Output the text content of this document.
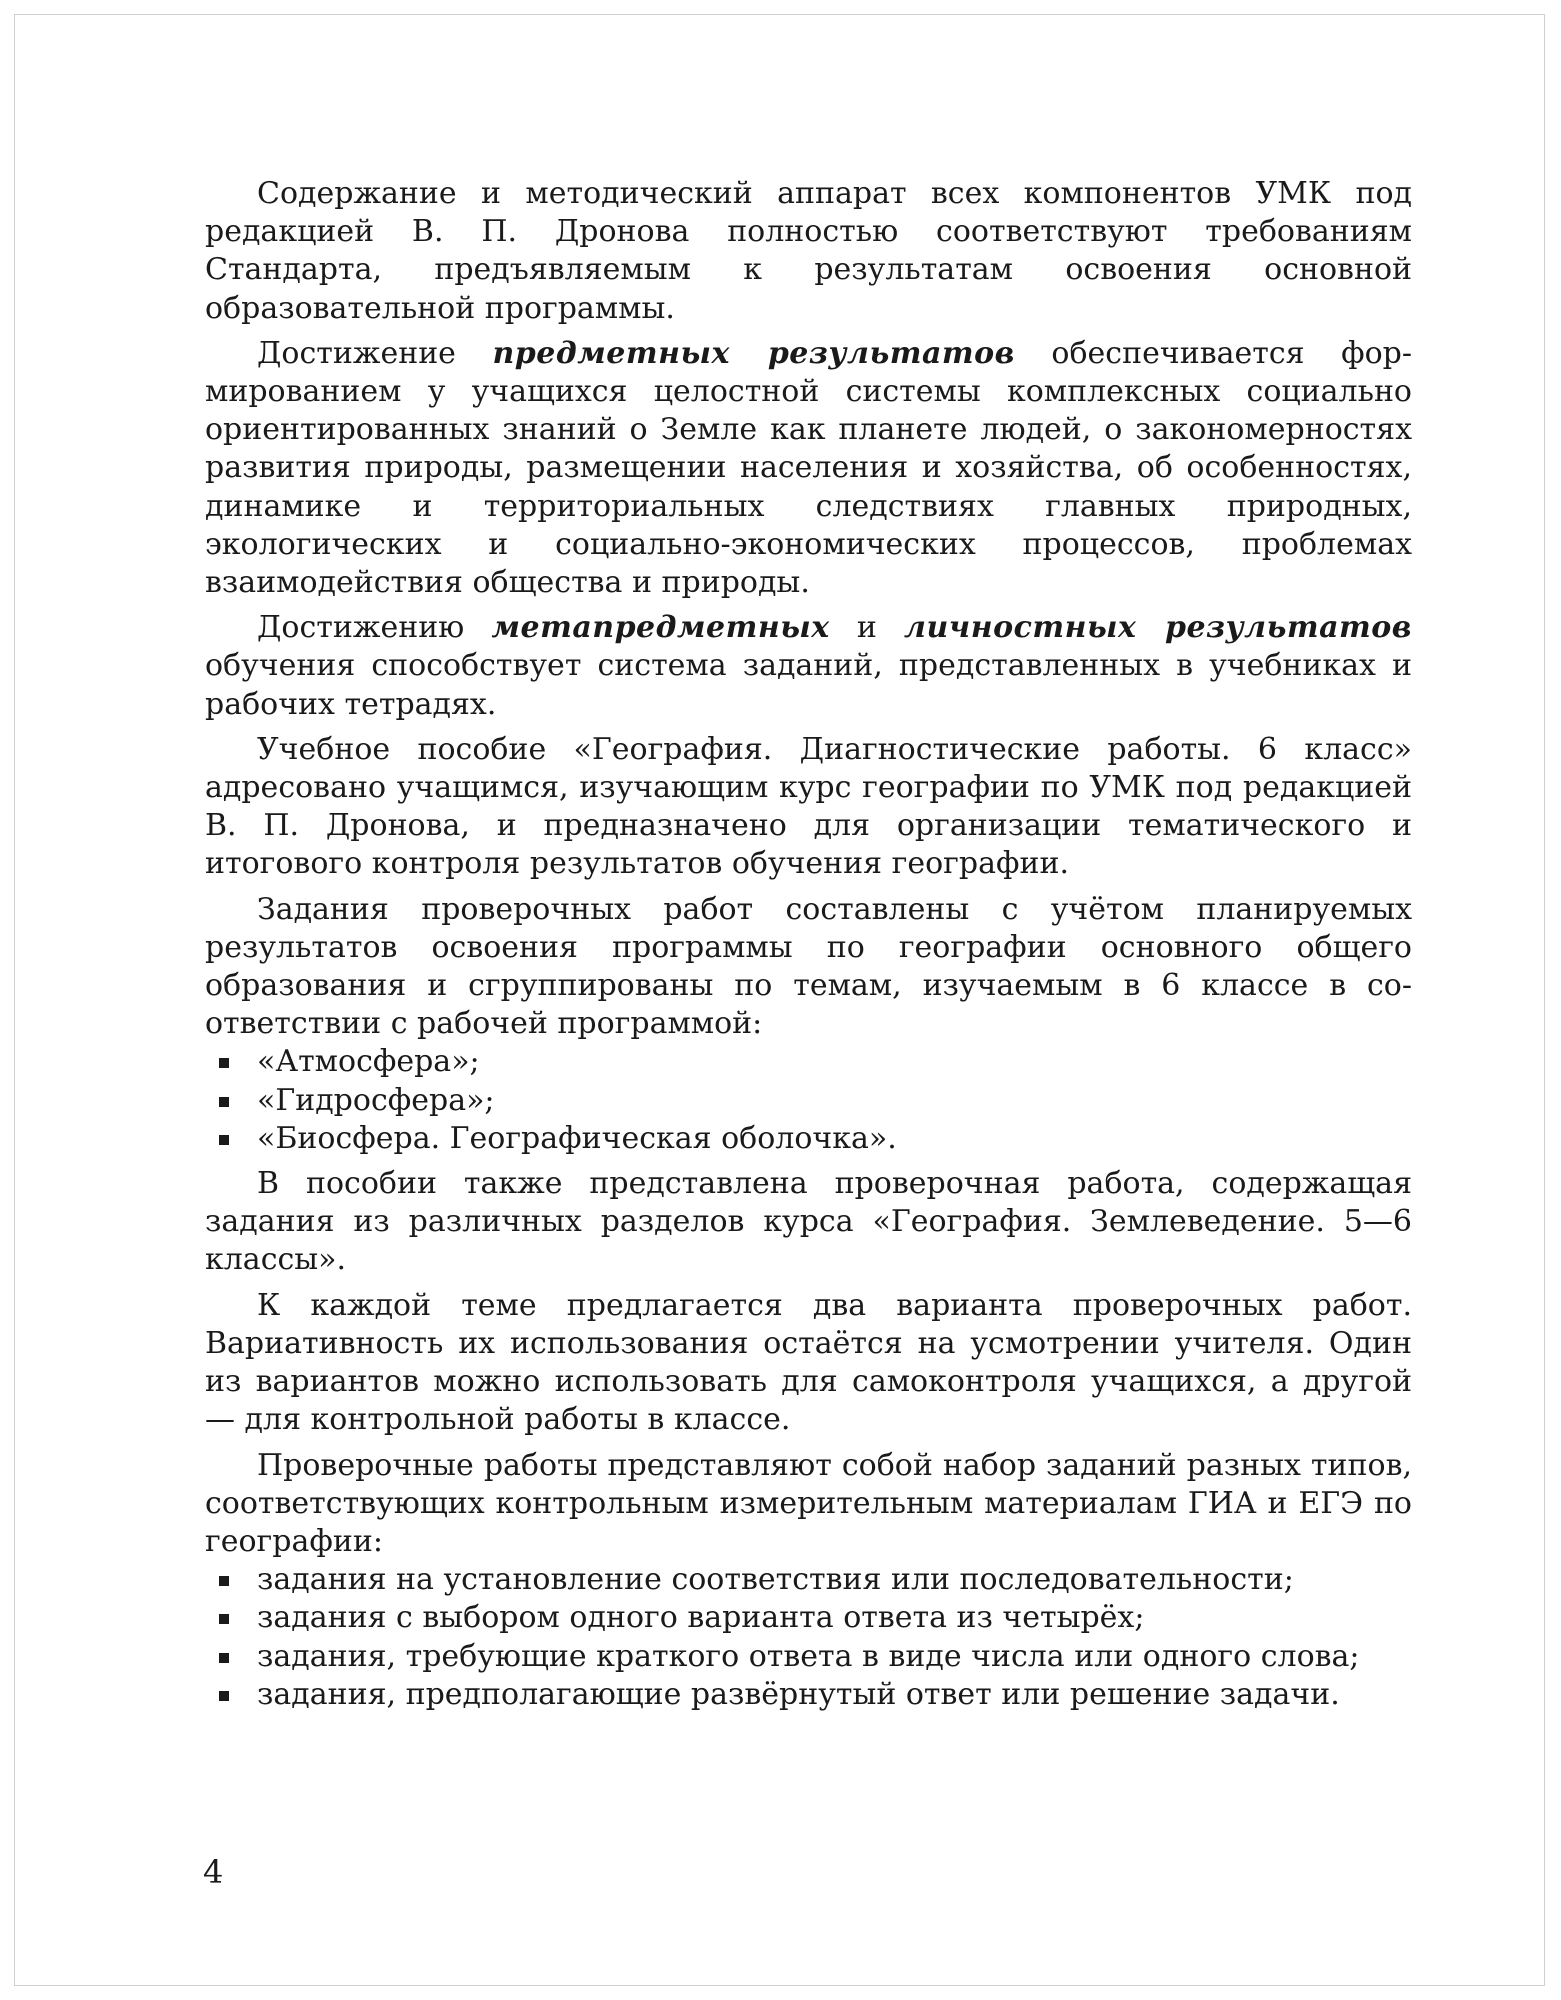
Содержание и методический аппарат всех компонентов УМК под редакцией В. П. Дронова полностью соответствуют требованиям Стандарта, предъявляемым к результатам освоения основной образовательной программы.

Достижение предметных результатов обеспечивается формированием у учащихся целостной системы комплексных социально ориентированных знаний о Земле как планете людей, о закономерностях развития природы, размещении населения и хозяйства, об особенностях, динамике и территориальных следствиях главных природных, экологических и социально-экономических процессов, проблемах взаимодействия общества и природы.

Достижению метапредметных и личностных результатов обучения способствует система заданий, представленных в учебниках и рабочих тетрадях.

Учебное пособие «География. Диагностические работы. 6 класс» адресовано учащимся, изучающим курс географии по УМК под редакцией В. П. Дронова, и предназначено для организации тематического и итогового контроля результатов обучения географии.

Задания проверочных работ составлены с учётом планируемых результатов освоения программы по географии основного общего образования и сгруппированы по темам, изучаемым в 6 классе в соответствии с рабочей программой:

«Атмосфера»;
«Гидросфера»;
«Биосфера. Географическая оболочка».

В пособии также представлена проверочная работа, содержащая задания из различных разделов курса «География. Землеведение. 5—6 классы».

К каждой теме предлагается два варианта проверочных работ. Вариативность их использования остаётся на усмотрении учителя. Один из вариантов можно использовать для самоконтроля учащихся, а другой — для контрольной работы в классе.

Проверочные работы представляют собой набор заданий разных типов, соответствующих контрольным измерительным материалам ГИА и ЕГЭ по географии:

задания на установление соответствия или последовательности;
задания с выбором одного варианта ответа из четырёх;
задания, требующие краткого ответа в виде числа или одного слова;
задания, предполагающие развёрнутый ответ или решение задачи.
4
